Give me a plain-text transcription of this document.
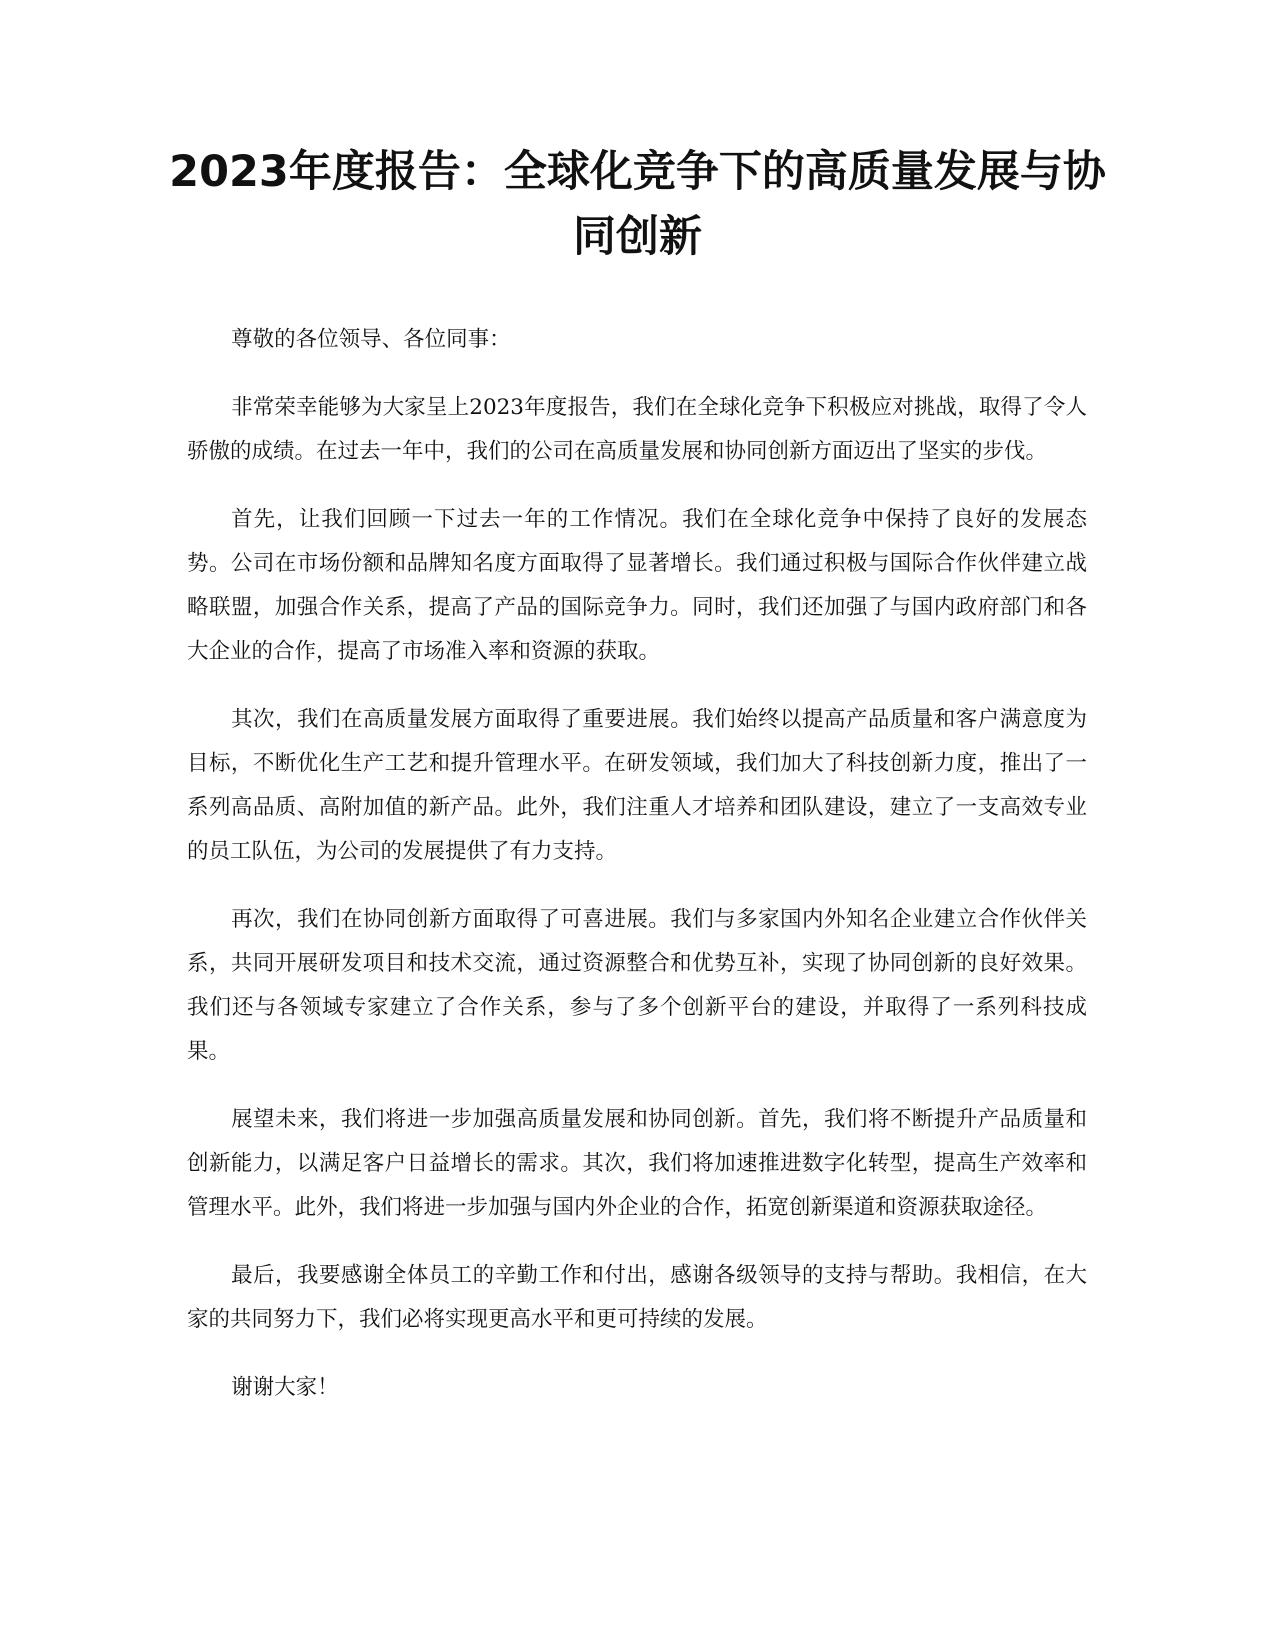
2023年度报告：全球化竞争下的高质量发展与协同创新

尊敬的各位领导、各位同事：

非常荣幸能够为大家呈上2023年度报告，我们在全球化竞争下积极应对挑战，取得了令人骄傲的成绩。在过去一年中，我们的公司在高质量发展和协同创新方面迈出了坚实的步伐。

首先，让我们回顾一下过去一年的工作情况。我们在全球化竞争中保持了良好的发展态势。公司在市场份额和品牌知名度方面取得了显著增长。我们通过积极与国际合作伙伴建立战略联盟，加强合作关系，提高了产品的国际竞争力。同时，我们还加强了与国内政府部门和各大企业的合作，提高了市场准入率和资源的获取。

其次，我们在高质量发展方面取得了重要进展。我们始终以提高产品质量和客户满意度为目标，不断优化生产工艺和提升管理水平。在研发领域，我们加大了科技创新力度，推出了一系列高品质、高附加值的新产品。此外，我们注重人才培养和团队建设，建立了一支高效专业的员工队伍，为公司的发展提供了有力支持。

再次，我们在协同创新方面取得了可喜进展。我们与多家国内外知名企业建立合作伙伴关系，共同开展研发项目和技术交流，通过资源整合和优势互补，实现了协同创新的良好效果。我们还与各领域专家建立了合作关系，参与了多个创新平台的建设，并取得了一系列科技成果。

展望未来，我们将进一步加强高质量发展和协同创新。首先，我们将不断提升产品质量和创新能力，以满足客户日益增长的需求。其次，我们将加速推进数字化转型，提高生产效率和管理水平。此外，我们将进一步加强与国内外企业的合作，拓宽创新渠道和资源获取途径。

最后，我要感谢全体员工的辛勤工作和付出，感谢各级领导的支持与帮助。我相信，在大家的共同努力下，我们必将实现更高水平和更可持续的发展。

谢谢大家！
